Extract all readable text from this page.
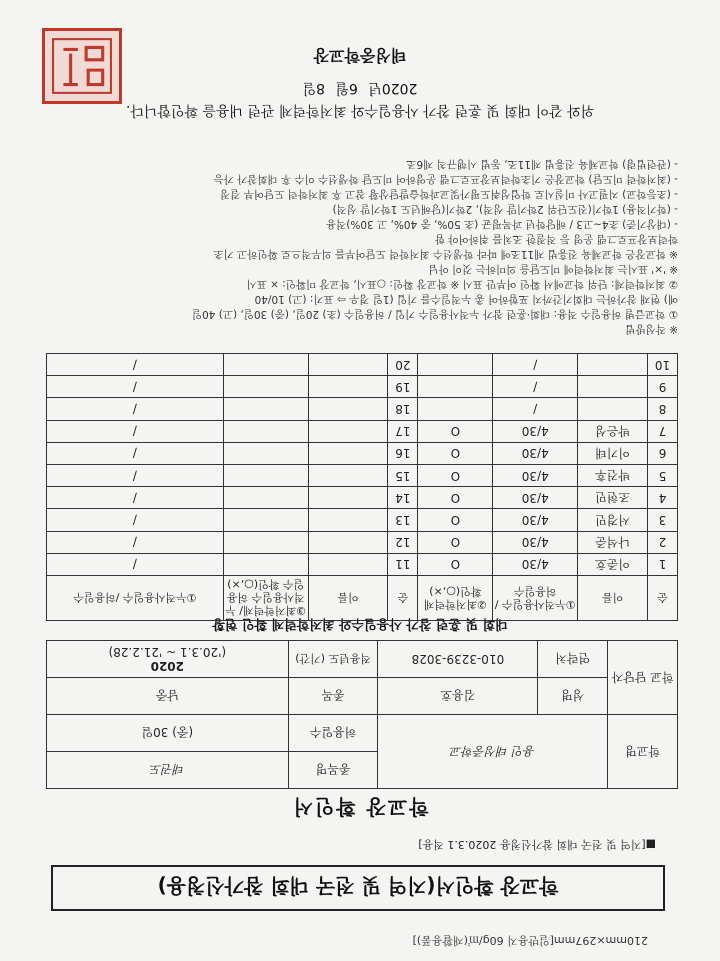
210mm×297mm[일반용지 60g/㎡(재활용품)]
학교장 확인서(지역 및 전국 대회 참가신청용)
■[지역 및 전국 대회 참가신청용 2020.3.1 적용]
학교장 확인서
학교명	용인 태성중학교		종목명	태권도
			허용일수	(중) 30일
학교 담당자	성명	김용호	종목	남중
	연락처	010-3239-3028	적용년도 (기간)	2020
('20.3.1 ~ '21.2.28)
대회 및 훈련 참가 사용일수와 최저학력제 확인 현황
순	이름	①누적사용일수 /허용일수	②최저학력제 확인(○,×)	순	이름	③최저학력제/ 누적사용일수 허용일수 확인(○,×)	①누적사용일수 /허용일수
1	이준호	4/30	O	11			/
2	나석준	4/30	O	12			/
3	서경민	4/30	O	13			/
4	조현민	4/30	O	14			/
5	박건후	4/30	O	15			/
6	이기태	4/30	O	16			/
7	박은성	4/30	O	17			/
8		/		18			/
9		/		19			/
10		/		20			/
※ 작성방법
① 학교급별 허용일수 적용: 대회·훈련 참가 누적사용일수 기입 / 허용일수 (초) 20일, (중) 30일, (고) 40일
예) 현재 참가하는 대회기간까지 포함하여 총 누적일수를 기입 (1일 경우 ⇨ 표기: (고) 10/40
② 최저학력제: 단위 학교에서 확인 여부만 표시 ※ 학교장 확인: ○표시, 학교장 미확인: × 표시
※ '×' 표시는 최저학력에 미도달을 의미하는 것이 아님
※ 학교장은 학교체육 진흥법 제11조에 따라 학생선수 최저학력 도달여부를 의무적으로 확인하고 기초
학력보장프로그램 운영 등 적절한 조치를 취하여야 함
- (대상기준) 초4~고3 / 해당학년 과목평균 (초 50%, 중 40%, 고 30%)적용
- (학기적용) 1학기(진도단위 2학기말 성적), 2학기(당해년도 1학기말 성적)
- (초등학교) 지필고사 미실시로 학업성취도평가및교과학습발달상황 참고 후 최저학력 도달여부 결정
- (최저학력 미도달) 학교장은 기초학력보장프로그램 운영하여 미도달 학생선수 이수 후 대회참가 가능
- (관련법령) 학교체육 진흥법 제11조, 동법 시행규칙 제6조
위와 같이 대회 및 훈련 참가 사용일수와 최저학력제 관련 내용을 확인합니다.
2020년 6월 8일
태성중학교장
